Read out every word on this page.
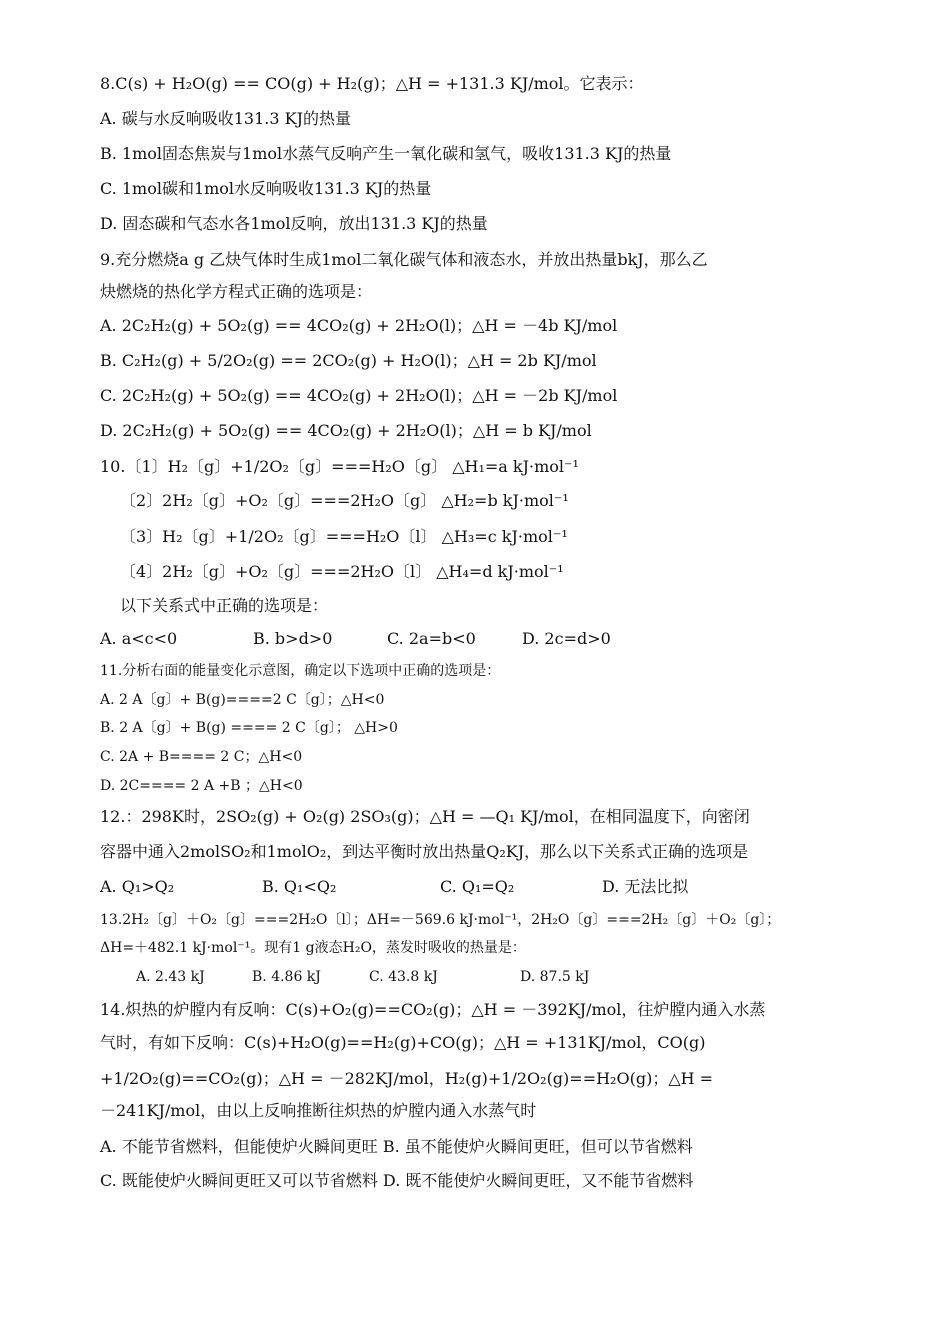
8.C(s) + H₂O(g) == CO(g) + H₂(g)；△H = +131.3 KJ/mol。它表示：
A. 碳与水反响吸收131.3 KJ的热量
B. 1mol固态焦炭与1mol水蒸气反响产生一氧化碳和氢气，吸收131.3 KJ的热量
C. 1mol碳和1mol水反响吸收131.3 KJ的热量
D. 固态碳和气态水各1mol反响，放出131.3 KJ的热量
9.充分燃烧a g 乙炔气体时生成1mol二氧化碳气体和液态水，并放出热量bkJ，那么乙
炔燃烧的热化学方程式正确的选项是：
A. 2C₂H₂(g) + 5O₂(g) == 4CO₂(g) + 2H₂O(l)；△H = －4b KJ/mol
B. C₂H₂(g) + 5/2O₂(g) == 2CO₂(g) + H₂O(l)；△H = 2b KJ/mol
C. 2C₂H₂(g) + 5O₂(g) == 4CO₂(g) + 2H₂O(l)；△H = －2b KJ/mol
D. 2C₂H₂(g) + 5O₂(g) == 4CO₂(g) + 2H₂O(l)；△H = b KJ/mol
10.〔1〕H₂〔g〕+1/2O₂〔g〕===H₂O〔g〕 △H₁=a kJ·mol⁻¹
〔2〕2H₂〔g〕+O₂〔g〕===2H₂O〔g〕 △H₂=b kJ·mol⁻¹
〔3〕H₂〔g〕+1/2O₂〔g〕===H₂O〔l〕 △H₃=c kJ·mol⁻¹
〔4〕2H₂〔g〕+O₂〔g〕===2H₂O〔l〕 △H₄=d kJ·mol⁻¹
以下关系式中正确的选项是：
A. a<c<0	B. b>d>0	C. 2a=b<0	D. 2c=d>0
11.分析右面的能量变化示意图，确定以下选项中正确的选项是：
A. 2 A〔g〕+ B(g)====2 C〔g〕；△H<0
B. 2 A〔g〕+ B(g) ==== 2 C〔g〕； △H>0
C. 2A + B==== 2 C；△H<0
D. 2C==== 2 A +B ；△H<0
12.：298K时，2SO₂(g) + O₂(g) 2SO₃(g)；△H = —Q₁ KJ/mol，在相同温度下，向密闭
容器中通入2molSO₂和1molO₂，到达平衡时放出热量Q₂KJ，那么以下关系式正确的选项是
A. Q₁>Q₂	B. Q₁<Q₂	C. Q₁=Q₂	D. 无法比拟
13.2H₂〔g〕＋O₂〔g〕===2H₂O〔l〕；ΔH=－569.6 kJ·mol⁻¹，2H₂O〔g〕===2H₂〔g〕＋O₂〔g〕；
ΔH=＋482.1 kJ·mol⁻¹。现有1 g液态H₂O，蒸发时吸收的热量是：
A. 2.43 kJ	B. 4.86 kJ	C. 43.8 kJ	D. 87.5 kJ
14.炽热的炉膛内有反响：C(s)+O₂(g)==CO₂(g)；△H = －392KJ/mol，往炉膛内通入水蒸
气时，有如下反响：C(s)+H₂O(g)==H₂(g)+CO(g)；△H = +131KJ/mol，CO(g)
+1/2O₂(g)==CO₂(g)；△H = －282KJ/mol，H₂(g)+1/2O₂(g)==H₂O(g)；△H =
－241KJ/mol，由以上反响推断往炽热的炉膛内通入水蒸气时
A. 不能节省燃料，但能使炉火瞬间更旺 B. 虽不能使炉火瞬间更旺，但可以节省燃料
C. 既能使炉火瞬间更旺又可以节省燃料 D. 既不能使炉火瞬间更旺，又不能节省燃料
